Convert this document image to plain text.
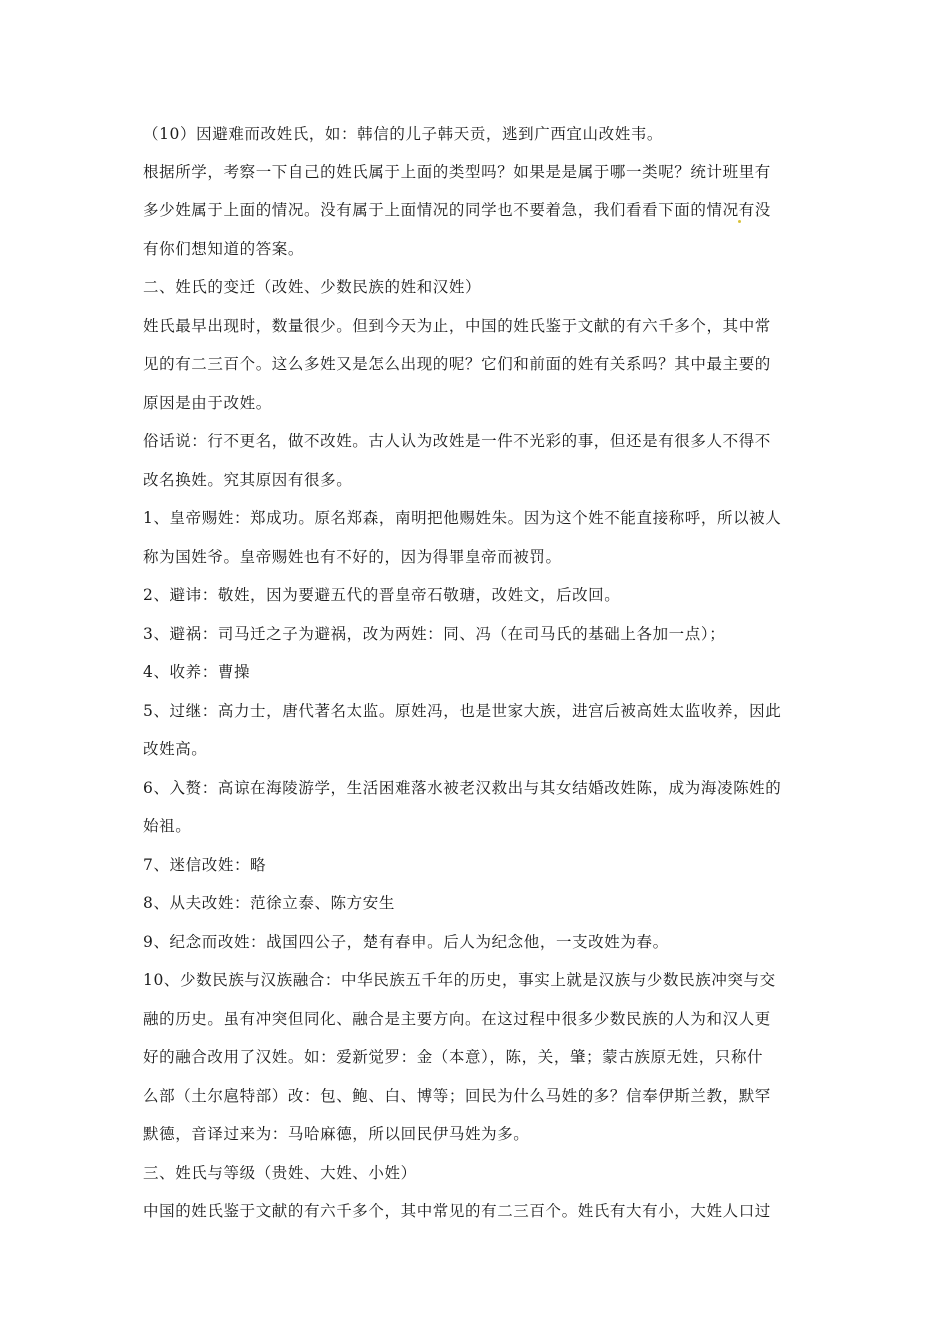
（10）因避难而改姓氏，如：韩信的儿子韩天贡，逃到广西宜山改姓韦。
根据所学，考察一下自己的姓氏属于上面的类型吗？如果是是属于哪一类呢？统计班里有
多少姓属于上面的情况。没有属于上面情况的同学也不要着急，我们看看下面的情况有没
有你们想知道的答案。
二、姓氏的变迁（改姓、少数民族的姓和汉姓）
姓氏最早出现时，数量很少。但到今天为止，中国的姓氏鉴于文献的有六千多个，其中常
见的有二三百个。这么多姓又是怎么出现的呢？它们和前面的姓有关系吗？其中最主要的
原因是由于改姓。
俗话说：行不更名，做不改姓。古人认为改姓是一件不光彩的事，但还是有很多人不得不
改名换姓。究其原因有很多。
1、皇帝赐姓：郑成功。原名郑森，南明把他赐姓朱。因为这个姓不能直接称呼，所以被人
称为国姓爷。皇帝赐姓也有不好的，因为得罪皇帝而被罚。
2、避讳：敬姓，因为要避五代的晋皇帝石敬瑭，改姓文，后改回。
3、避祸：司马迁之子为避祸，改为两姓：同、冯（在司马氏的基础上各加一点）；
4、收养：曹操
5、过继：高力士，唐代著名太监。原姓冯，也是世家大族，进宫后被高姓太监收养，因此
改姓高。
6、入赘：高谅在海陵游学，生活困难落水被老汉救出与其女结婚改姓陈，成为海凌陈姓的
始祖。
7、迷信改姓：略
8、从夫改姓：范徐立泰、陈方安生
9、纪念而改姓：战国四公子，楚有春申。后人为纪念他，一支改姓为春。
10、少数民族与汉族融合：中华民族五千年的历史，事实上就是汉族与少数民族冲突与交
融的历史。虽有冲突但同化、融合是主要方向。在这过程中很多少数民族的人为和汉人更
好的融合改用了汉姓。如：爱新觉罗：金（本意），陈，关，肇；蒙古族原无姓，只称什
么部（土尔扈特部）改：包、鲍、白、博等；回民为什么马姓的多？信奉伊斯兰教，默罕
默德，音译过来为：马哈麻德，所以回民伊马姓为多。
三、姓氏与等级（贵姓、大姓、小姓）
中国的姓氏鉴于文献的有六千多个，其中常见的有二三百个。姓氏有大有小，大姓人口过
